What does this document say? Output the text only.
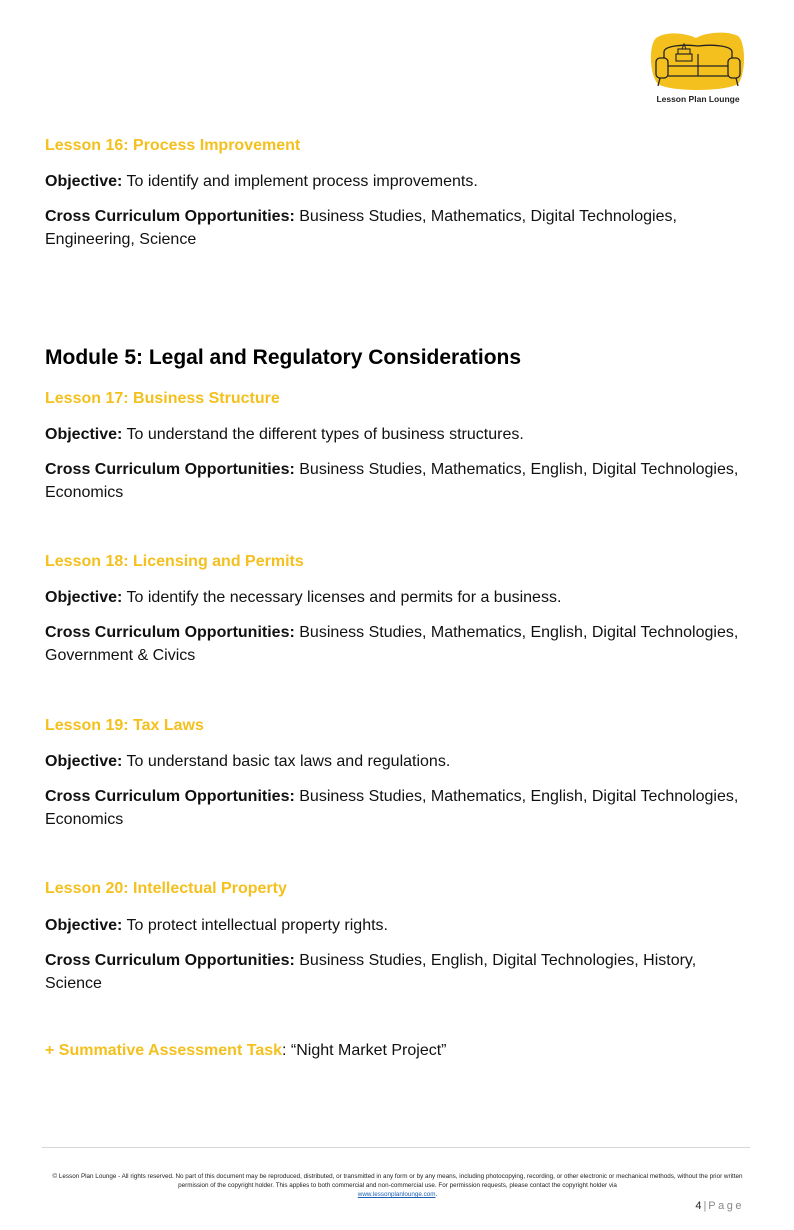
Lesson Plan Lounge
Lesson 16: Process Improvement
Objective: To identify and implement process improvements.
Cross Curriculum Opportunities: Business Studies, Mathematics, Digital Technologies, Engineering, Science
Module 5: Legal and Regulatory Considerations
Lesson 17: Business Structure
Objective: To understand the different types of business structures.
Cross Curriculum Opportunities: Business Studies, Mathematics, English, Digital Technologies, Economics
Lesson 18: Licensing and Permits
Objective: To identify the necessary licenses and permits for a business.
Cross Curriculum Opportunities: Business Studies, Mathematics, English, Digital Technologies, Government & Civics
Lesson 19: Tax Laws
Objective: To understand basic tax laws and regulations.
Cross Curriculum Opportunities: Business Studies, Mathematics, English, Digital Technologies, Economics
Lesson 20: Intellectual Property
Objective: To protect intellectual property rights.
Cross Curriculum Opportunities: Business Studies, English, Digital Technologies, History, Science
+ Summative Assessment Task: “Night Market Project”
© Lesson Plan Lounge - All rights reserved. No part of this document may be reproduced, distributed, or transmitted in any form or by any means, including photocopying, recording, or other electronic or mechanical methods, without the prior written permission of the copyright holder. This applies to both commercial and non-commercial use. For permission requests, please contact the copyright holder via
www.lessonplanlounge.com.
4 | Page
